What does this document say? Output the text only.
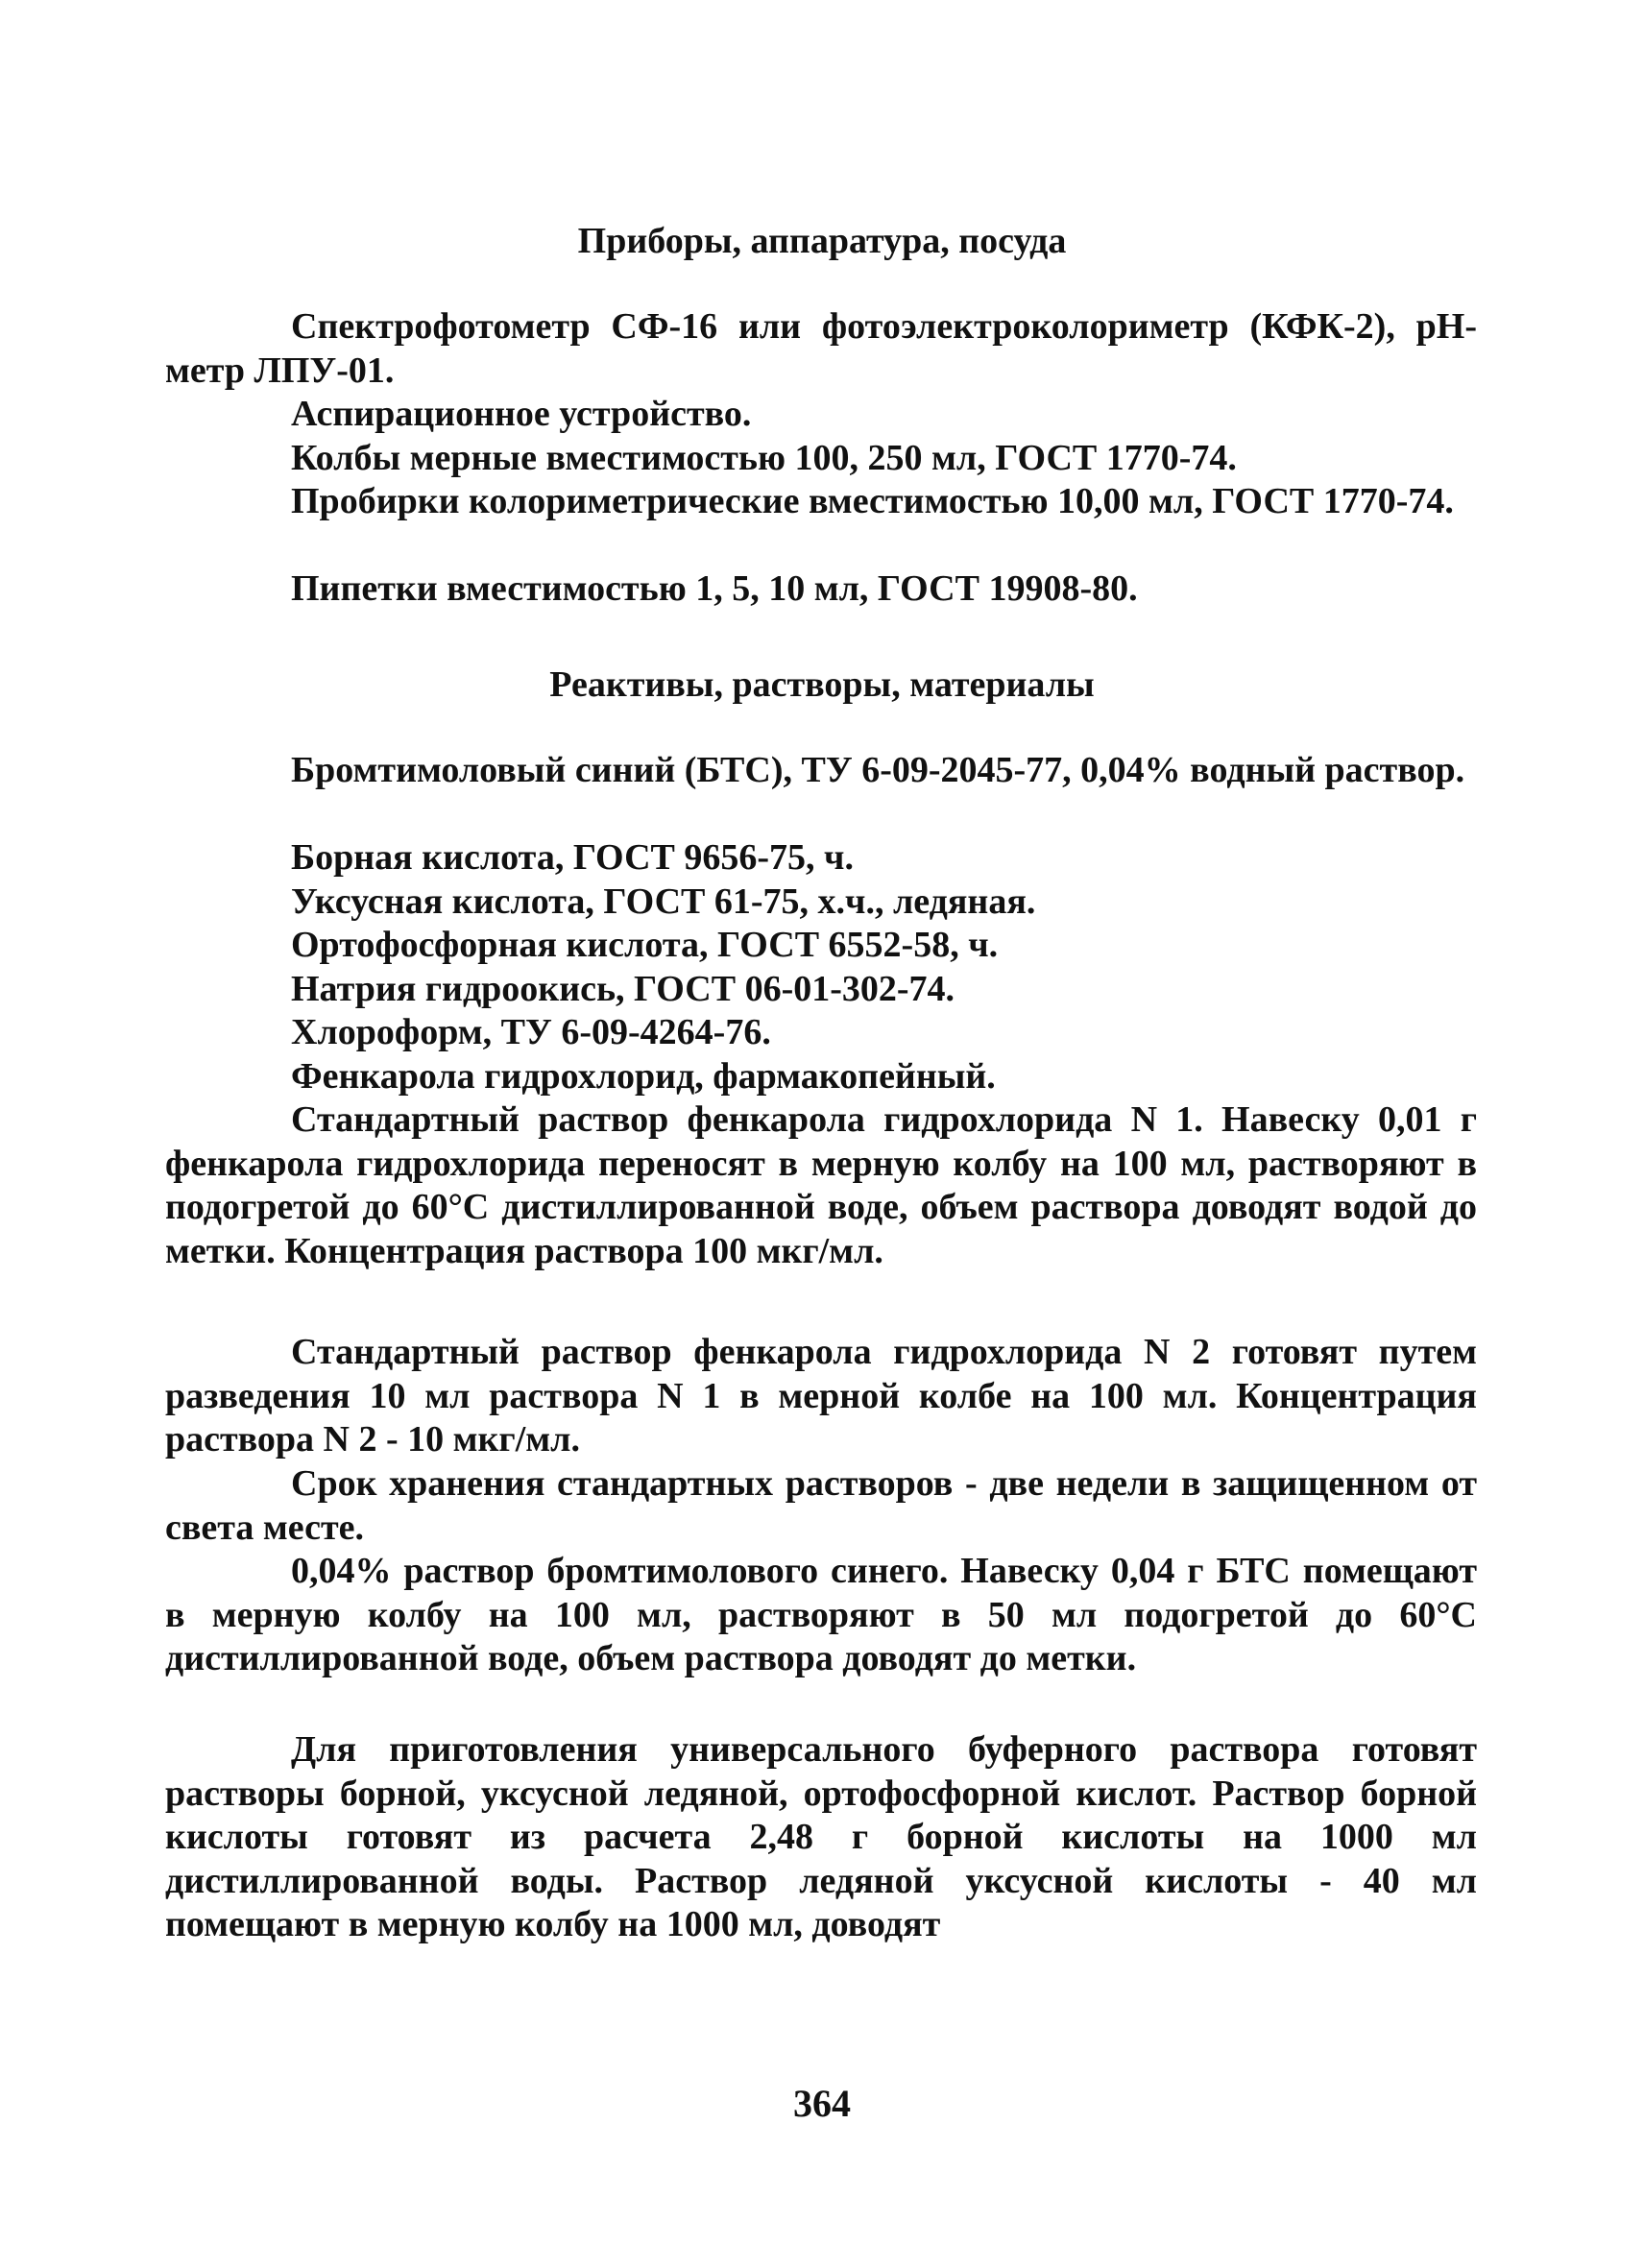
Приборы, аппаратура, посуда
Спектрофотометр СФ-16 или фотоэлектроколориметр (КФК-2), рН-метр ЛПУ-01.
Аспирационное устройство.
Колбы мерные вместимостью 100, 250 мл, ГОСТ 1770-74.
Пробирки колориметрические вместимостью 10,00 мл, ГОСТ 1770-74.
Пипетки вместимостью 1, 5, 10 мл, ГОСТ 19908-80.
Реактивы, растворы, материалы
Бромтимоловый синий (БТС), ТУ 6-09-2045-77, 0,04% водный раствор.
Борная кислота, ГОСТ 9656-75, ч.
Уксусная кислота, ГОСТ 61-75, х.ч., ледяная.
Ортофосфорная кислота, ГОСТ 6552-58, ч.
Натрия гидроокись, ГОСТ 06-01-302-74.
Хлороформ, ТУ 6-09-4264-76.
Фенкарола гидрохлорид, фармакопейный.
Стандартный раствор фенкарола гидрохлорида N 1. Навеску 0,01 г фенкарола гидрохлорида переносят в мерную колбу на 100 мл, растворяют в подогретой до 60°С дистиллированной воде, объем раствора доводят водой до метки. Концентрация раствора 100 мкг/мл.
Стандартный раствор фенкарола гидрохлорида N 2 готовят путем разведения 10 мл раствора N 1 в мерной колбе на 100 мл. Концентрация раствора N 2 - 10 мкг/мл.
Срок хранения стандартных растворов - две недели в защищенном от света месте.
0,04% раствор бромтимолового синего. Навеску 0,04 г БТС помещают в мерную колбу на 100 мл, растворяют в 50 мл подогретой до 60°С дистиллированной воде, объем раствора доводят до метки.
Для приготовления универсального буферного раствора готовят растворы борной, уксусной ледяной, ортофосфорной кислот. Раствор борной кислоты готовят из расчета 2,48 г борной кислоты на 1000 мл дистиллированной воды. Раствор ледяной уксусной кислоты - 40 мл помещают в мерную колбу на 1000 мл, доводят
364
